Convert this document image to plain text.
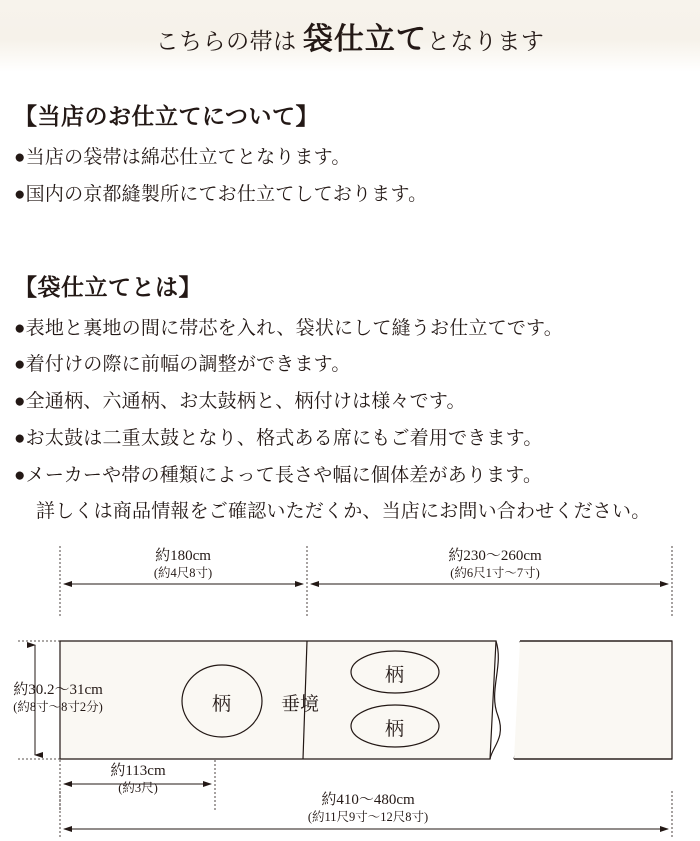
こちらの帯は 袋仕立てとなります
【当店のお仕立てについて】

●当店の袋帯は綿芯仕立てとなります。

●国内の京都縫製所にてお仕立てしております。

【袋仕立てとは】

●表地と裏地の間に帯芯を入れ、袋状にして縫うお仕立てです。

●着付けの際に前幅の調整ができます。

●全通柄、六通柄、お太鼓柄と、柄付けは様々です。

●お太鼓は二重太鼓となり、格式ある席にもご着用できます。

●メーカーや帯の種類によって長さや幅に個体差があります。

詳しくは商品情報をご確認いただくか、当店にお問い合わせください。

約180cm
(約4尺8寸)
約230〜260cm
(約6尺1寸〜7寸)
約30.2〜31cm
(約8寸〜8寸2分)
約113cm
(約3尺)
約410〜480cm
(約11尺9寸〜12尺8寸)
柄	垂境
柄
柄
